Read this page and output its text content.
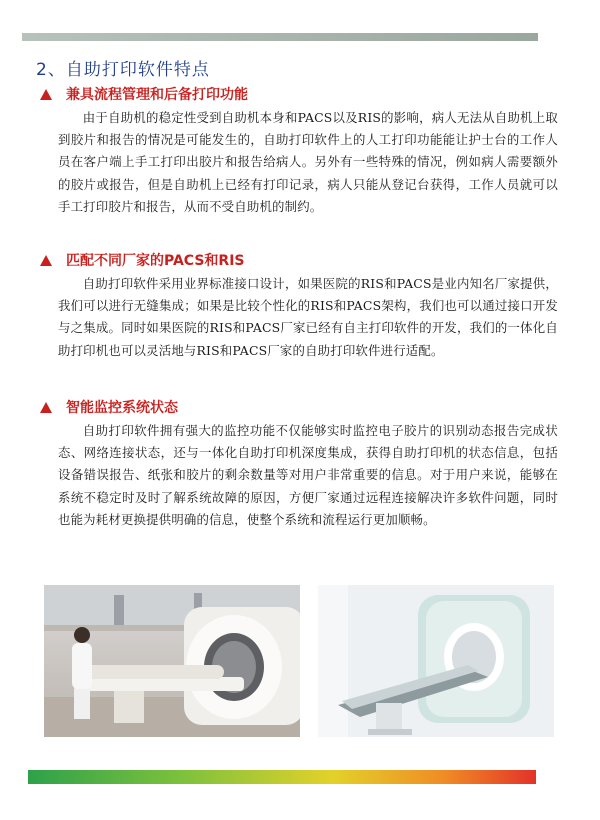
2、自助打印软件特点
兼具流程管理和后备打印功能
由于自助机的稳定性受到自助机本身和PACS以及RIS的影响，病人无法从自助机上取到胶片和报告的情况是可能发生的，自助打印软件上的人工打印功能能让护士台的工作人员在客户端上手工打印出胶片和报告给病人。另外有一些特殊的情况，例如病人需要额外的胶片或报告，但是自助机上已经有打印记录，病人只能从登记台获得，工作人员就可以手工打印胶片和报告，从而不受自助机的制约。
匹配不同厂家的PACS和RIS
自助打印软件采用业界标准接口设计，如果医院的RIS和PACS是业内知名厂家提供，我们可以进行无缝集成；如果是比较个性化的RIS和PACS架构，我们也可以通过接口开发与之集成。同时如果医院的RIS和PACS厂家已经有自主打印软件的开发，我们的一体化自助打印机也可以灵活地与RIS和PACS厂家的自助打印软件进行适配。
智能监控系统状态
自助打印软件拥有强大的监控功能不仅能够实时监控电子胶片的识别动态报告完成状态、网络连接状态，还与一体化自助打印机深度集成，获得自助打印机的状态信息，包括设备错误报告、纸张和胶片的剩余数量等对用户非常重要的信息。对于用户来说，能够在系统不稳定时及时了解系统故障的原因，方便厂家通过远程连接解决许多软件问题，同时也能为耗材更换提供明确的信息，使整个系统和流程运行更加顺畅。
